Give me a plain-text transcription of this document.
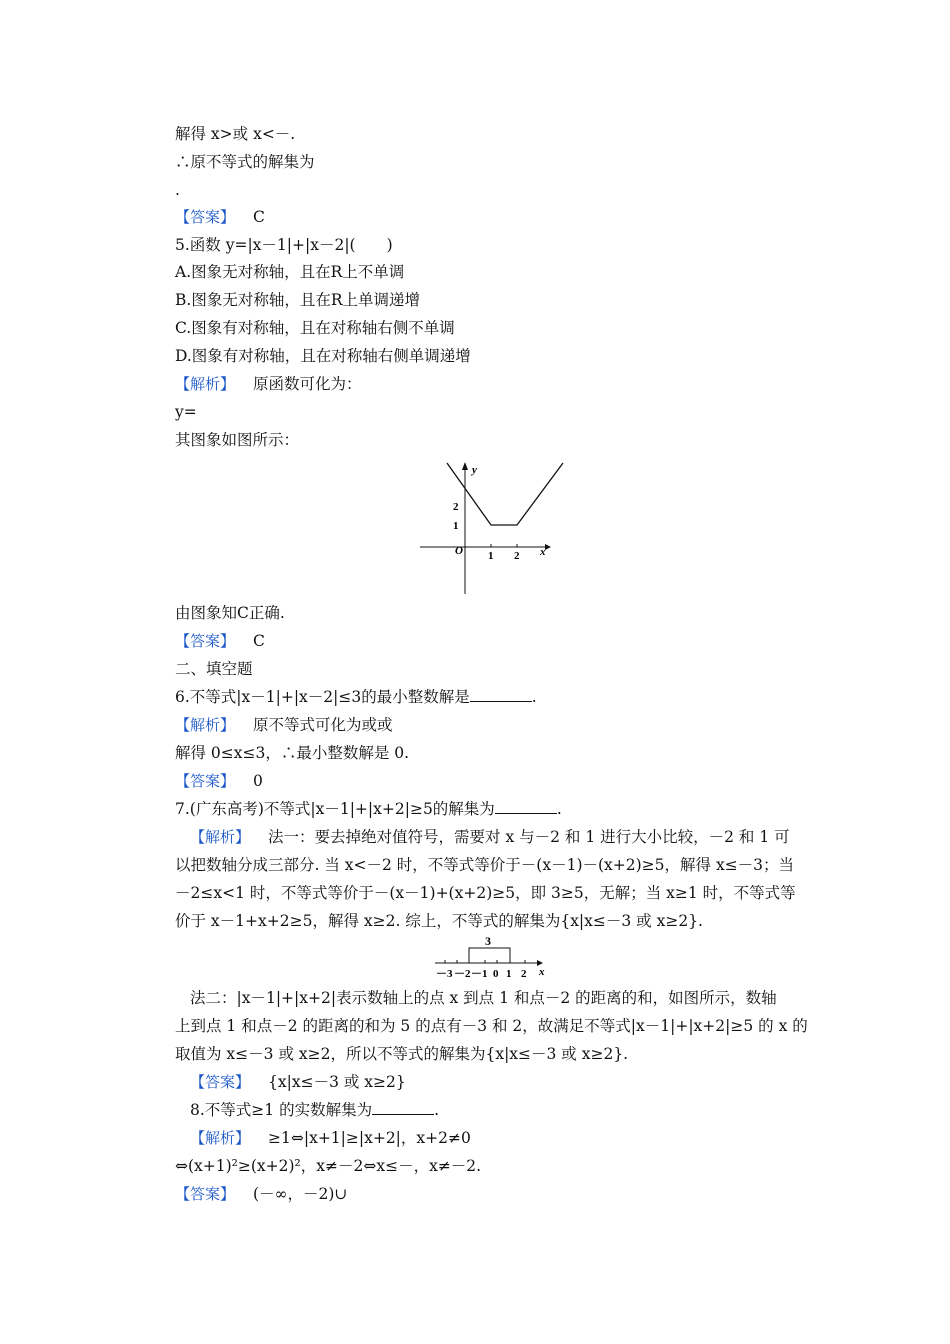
解得 x>或 x<－.
∴原不等式的解集为
.
【答案】 C
5.函数 y=|x－1|+|x－2|(　　)
A.图象无对称轴，且在R上不单调
B.图象无对称轴，且在R上单调递增
C.图象有对称轴，且在对称轴右侧不单调
D.图象有对称轴，且在对称轴右侧单调递增
【解析】 原函数可化为：
y=
其图象如图所示：
y
x
O 1 2
2
1
由图象知C正确.
【答案】 C
二、填空题
6.不等式|x－1|+|x－2|≤3的最小整数解是	.
【解析】 原不等式可化为或或
解得 0≤x≤3，∴最小整数解是 0.
【答案】 0
7.(广东高考)不等式|x－1|+|x+2|≥5的解集为	.
【解析】 法一：要去掉绝对值符号，需要对 x 与－2 和 1 进行大小比较，－2 和 1 可
以把数轴分成三部分. 当 x<－2 时，不等式等价于－(x－1)－(x+2)≥5，解得 x≤－3；当
－2≤x<1 时，不等式等价于－(x－1)+(x+2)≥5，即 3≥5，无解；当 x≥1 时，不等式等
价于 x－1+x+2≥5，解得 x≥2. 综上，不等式的解集为{x|x≤－3 或 x≥2}.
3
－3 －2 －1 0 1 2 x
法二：|x－1|+|x+2|表示数轴上的点 x 到点 1 和点－2 的距离的和，如图所示，数轴
上到点 1 和点－2 的距离的和为 5 的点有－3 和 2，故满足不等式|x－1|+|x+2|≥5 的 x 的
取值为 x≤－3 或 x≥2，所以不等式的解集为{x|x≤－3 或 x≥2}.
【答案】 {x|x≤－3 或 x≥2}
8.不等式≥1 的实数解集为	.
【解析】 ≥1⇔|x+1|≥|x+2|，x+2≠0
⇔(x+1)²≥(x+2)²，x≠－2⇔x≤－，x≠－2.
【答案】 (－∞，－2)∪
